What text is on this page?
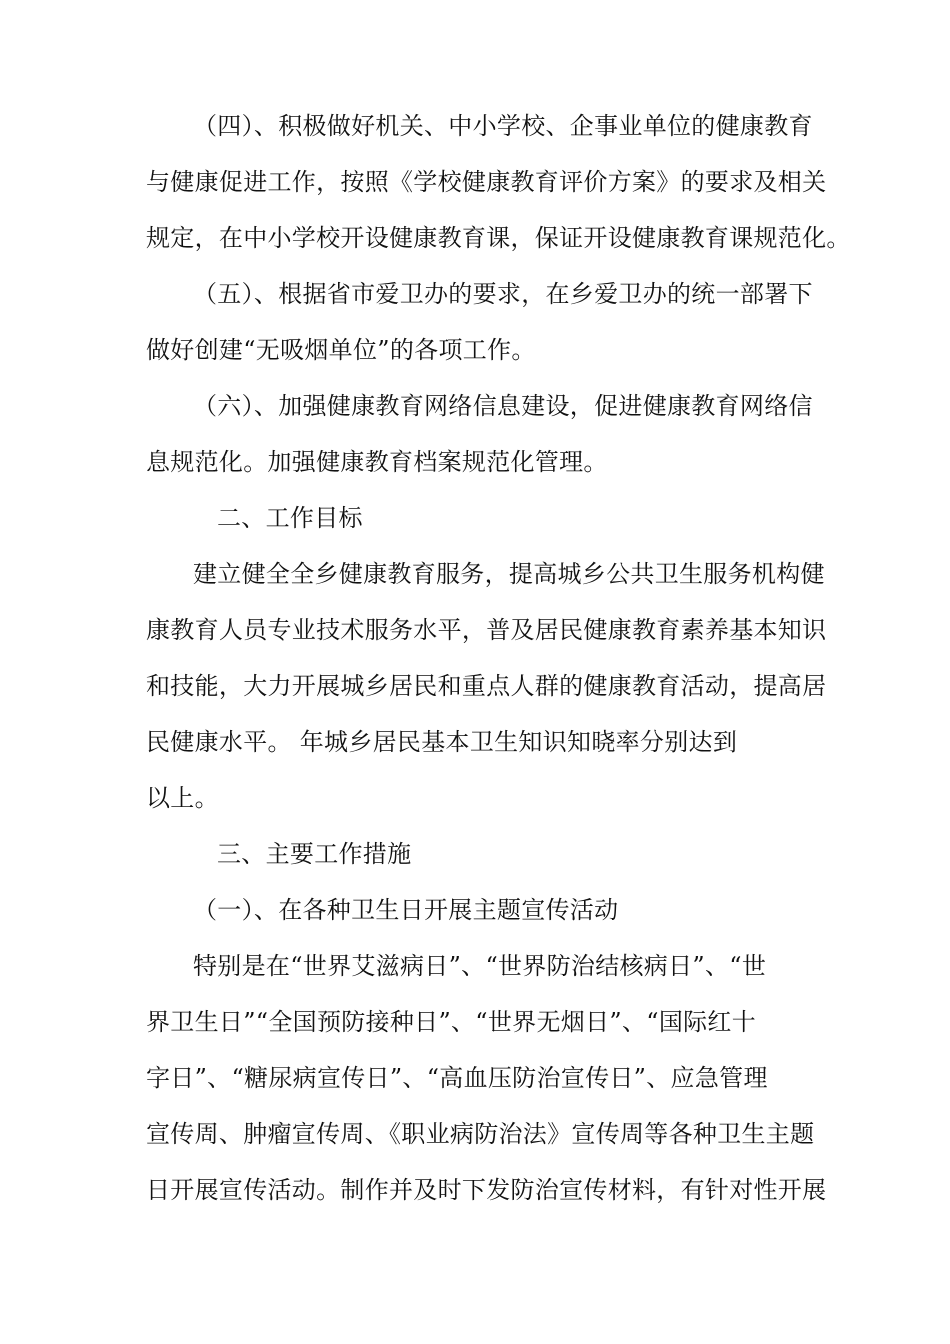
（四）、积极做好机关、中小学校、企事业单位的健康教育
与健康促进工作，按照《学校健康教育评价方案》的要求及相关
规定，在中小学校开设健康教育课，保证开设健康教育课规范化。
（五）、根据省市爱卫办的要求，在乡爱卫办的统一部署下
做好创建“无吸烟单位”的各项工作。
（六）、加强健康教育网络信息建设，促进健康教育网络信
息规范化。加强健康教育档案规范化管理。
二、工作目标
建立健全全乡健康教育服务，提高城乡公共卫生服务机构健
康教育人员专业技术服务水平，普及居民健康教育素养基本知识
和技能，大力开展城乡居民和重点人群的健康教育活动，提高居
民健康水平。 年城乡居民基本卫生知识知晓率分别达到
以上。
三、主要工作措施
（一）、在各种卫生日开展主题宣传活动
特别是在“世界艾滋病日”、“世界防治结核病日”、“世
界卫生日”“全国预防接种日”、“世界无烟日”、“国际红十
字日”、“糖尿病宣传日”、“高血压防治宣传日”、应急管理
宣传周、肿瘤宣传周、《职业病防治法》宣传周等各种卫生主题
日开展宣传活动。制作并及时下发防治宣传材料，有针对性开展
